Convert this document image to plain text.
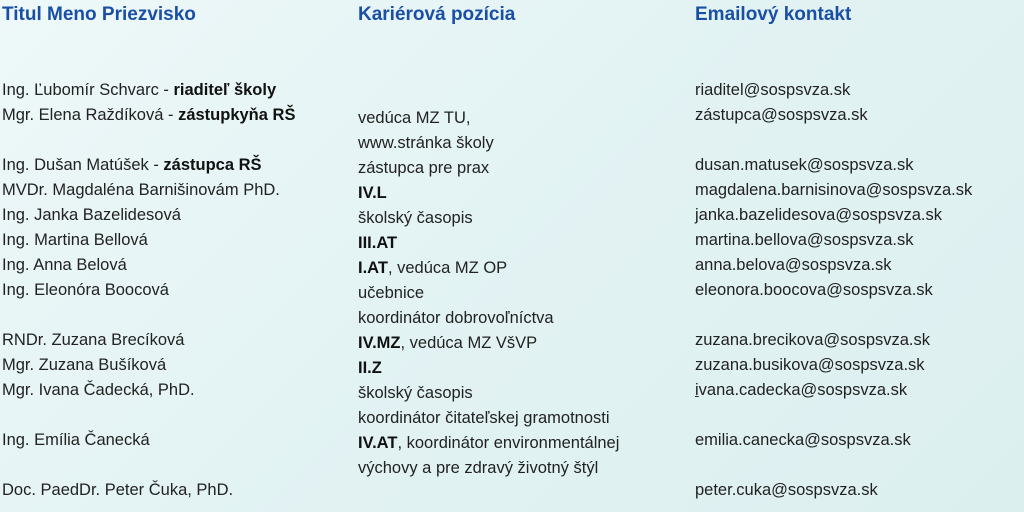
Titul Meno Priezvisko
Ing. Ľubomír Schvarc - riaditeľ školy
Mgr. Elena Raždíková - zástupkyňa RŠ
Ing. Dušan Matúšek - zástupca RŠ
MVDr. Magdaléna Barnišinovám PhD.
Ing. Janka Bazelidesová
Ing. Martina Bellová
Ing. Anna Belová
Ing. Eleonóra Boocová
RNDr. Zuzana Brecíková
Mgr. Zuzana Bušíková
Mgr. Ivana Čadecká, PhD.
Ing. Emília Čanecká
Doc. PaedDr. Peter Čuka, PhD.
Kariérová pozícia
vedúca MZ TU,
www.stránka školy
zástupca pre prax
IV.L
školský časopis
III.AT
I.AT, vedúca MZ OP
učebnice
koordinátor dobrovoľníctva
IV.MZ, vedúca MZ VšVP
II.Z
školský časopis
koordinátor čitateľskej gramotnosti
IV.AT, koordinátor environmentálnej
výchovy a pre zdravý životný štýl
Emailový kontakt
riaditel@sospsvza.sk
zástupca@sospsvza.sk
dusan.matusek@sospsvza.sk
magdalena.barnisinova@sospsvza.sk
janka.bazelidesova@sospsvza.sk
martina.bellova@sospsvza.sk
anna.belova@sospsvza.sk
eleonora.boocova@sospsvza.sk
zuzana.brecikova@sospsvza.sk
zuzana.busikova@sospsvza.sk
ivana.cadecka@sospsvza.sk
emilia.canecka@sospsvza.sk
peter.cuka@sospsvza.sk
